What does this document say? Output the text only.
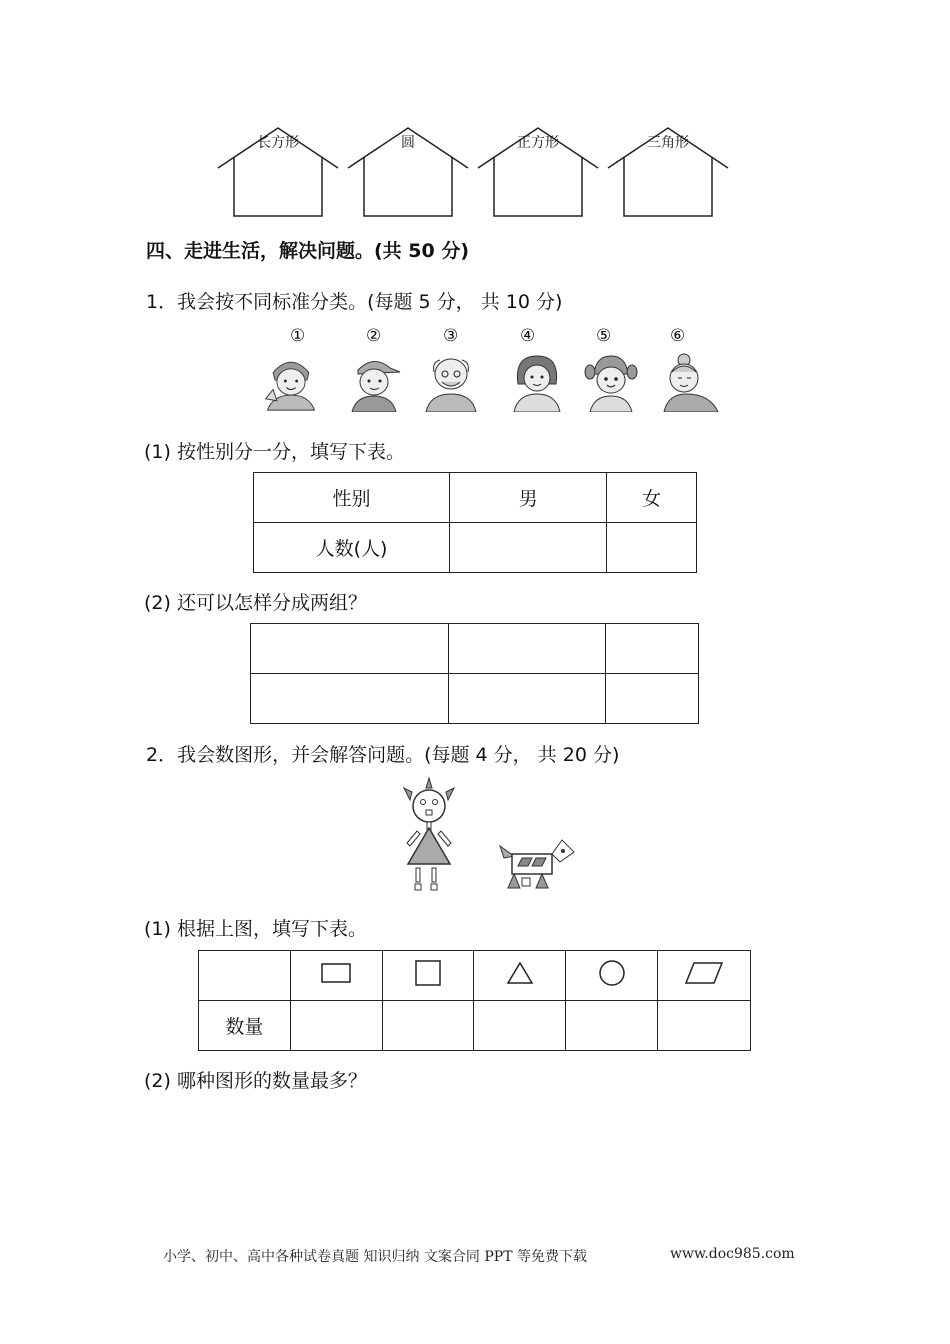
长方形	圆	正方形	三角形
四、走进生活，解决问题。(共 50 分)
1．我会按不同标准分类。(每题 5 分， 共 10 分)
①	②	③	④	⑤	⑥
(1) 按性别分一分，填写下表。
性别	男	女
人数(人)		
(2) 还可以怎样分成两组？

2．我会数图形，并会解答问题。(每题 4 分， 共 20 分)
(1) 根据上图，填写下表。

数量					
(2) 哪种图形的数量最多？
小学、初中、高中各种试卷真题 知识归纳 文案合同 PPT 等免费下载	www.doc985.com
